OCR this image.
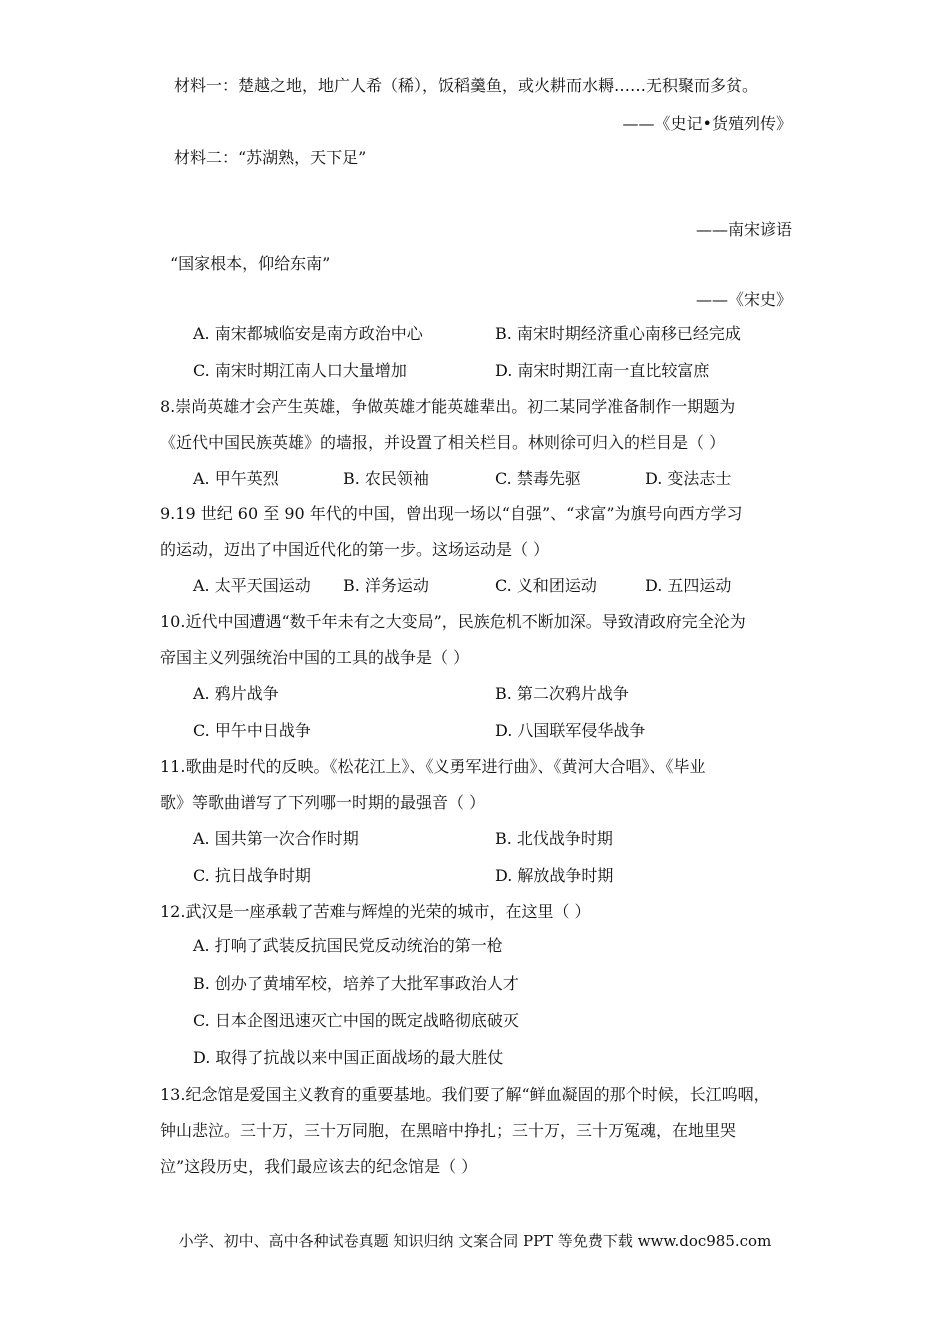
材料一：楚越之地，地广人希（稀），饭稻羹鱼，或火耕而水耨……无积聚而多贫。
——《史记•货殖列传》
材料二：“苏湖熟，天下足”
——南宋谚语
“国家根本，仰给东南”
——《宋史》
A. 南宋都城临安是南方政治中心	B. 南宋时期经济重心南移已经完成
C. 南宋时期江南人口大量增加	D. 南宋时期江南一直比较富庶
8.崇尚英雄才会产生英雄，争做英雄才能英雄辈出。初二某同学准备制作一期题为
《近代中国民族英雄》的墙报，并设置了相关栏目。林则徐可归入的栏目是（ ）
A. 甲午英烈	B. 农民领袖	C. 禁毒先驱	D. 变法志士
9.19 世纪 60 至 90 年代的中国，曾出现一场以“自强”、“求富”为旗号向西方学习
的运动，迈出了中国近代化的第一步。这场运动是（ ）
A. 太平天国运动 B. 洋务运动	C. 义和团运动	D. 五四运动
10.近代中国遭遇“数千年未有之大变局”，民族危机不断加深。导致清政府完全沦为
帝国主义列强统治中国的工具的战争是（ ）
A. 鸦片战争	B. 第二次鸦片战争
C. 甲午中日战争	D. 八国联军侵华战争
11.歌曲是时代的反映。《松花江上》、《义勇军进行曲》、《黄河大合唱》、《毕业
歌》等歌曲谱写了下列哪一时期的最强音（ ）
A. 国共第一次合作时期	B. 北伐战争时期
C. 抗日战争时期	D. 解放战争时期
12.武汉是一座承载了苦难与辉煌的光荣的城市，在这里（ ）
A. 打响了武装反抗国民党反动统治的第一枪
B. 创办了黄埔军校，培养了大批军事政治人才
C. 日本企图迅速灭亡中国的既定战略彻底破灭
D. 取得了抗战以来中国正面战场的最大胜仗
13.纪念馆是爱国主义教育的重要基地。我们要了解“鲜血凝固的那个时候，长江呜咽，
钟山悲泣。三十万，三十万同胞，在黑暗中挣扎；三十万，三十万冤魂，在地里哭
泣”这段历史，我们最应该去的纪念馆是（ ）
小学、初中、高中各种试卷真题 知识归纳 文案合同 PPT 等免费下载 www.doc985.com
